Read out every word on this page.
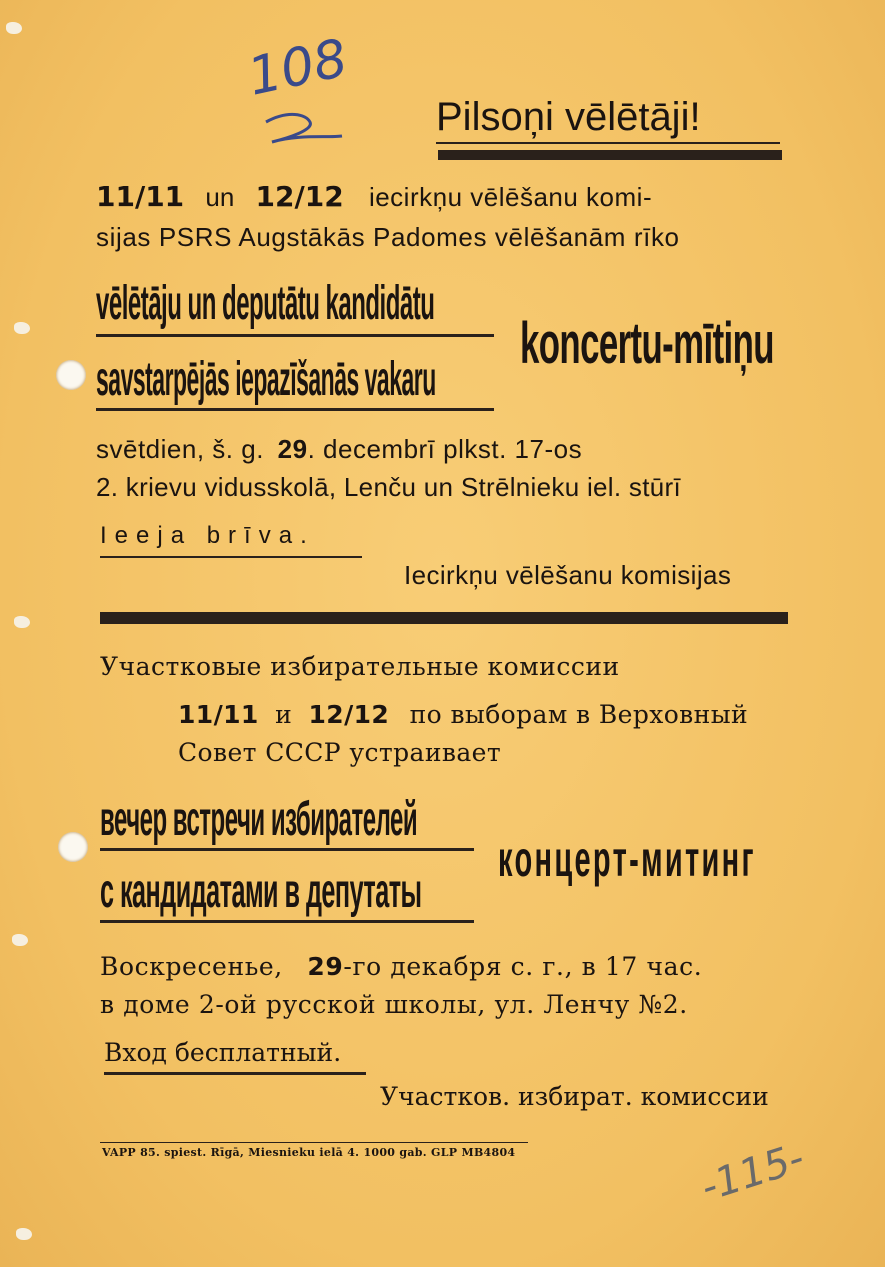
108
-115-
Pilsoņi vēlētāji!
11/11 un 12/12 iecirkņu vēlēšanu komi-
sijas PSRS Augstākās Padomes vēlēšanām rīko
vēlētāju un deputātu kandidātu
savstarpējās iepazīšanās vakaru
koncertu-mītiņu
svētdien, š. g. 29. decembrī plkst. 17-os
2. krievu vidusskolā, Lenču un Strēlnieku iel. stūrī
Ieeja brīva.
Iecirkņu vēlēšanu komisijas
Участковые избирательные комиссии
11/11 и 12/12 по выборам в Верховный
Совет СССР устраивает
вечер встречи избирателей
с кандидатами в депутаты
концерт-митинг
Воскресенье, 29-го декабря с. г., в 17 час.
в доме 2-ой русской школы, ул. Ленчу №2.
Вход бесплатный.
Участков. избират. комиссии
VAPP 85. spiest. Rīgā, Miesnieku ielā 4. 1000 gab. GLP MB4804
